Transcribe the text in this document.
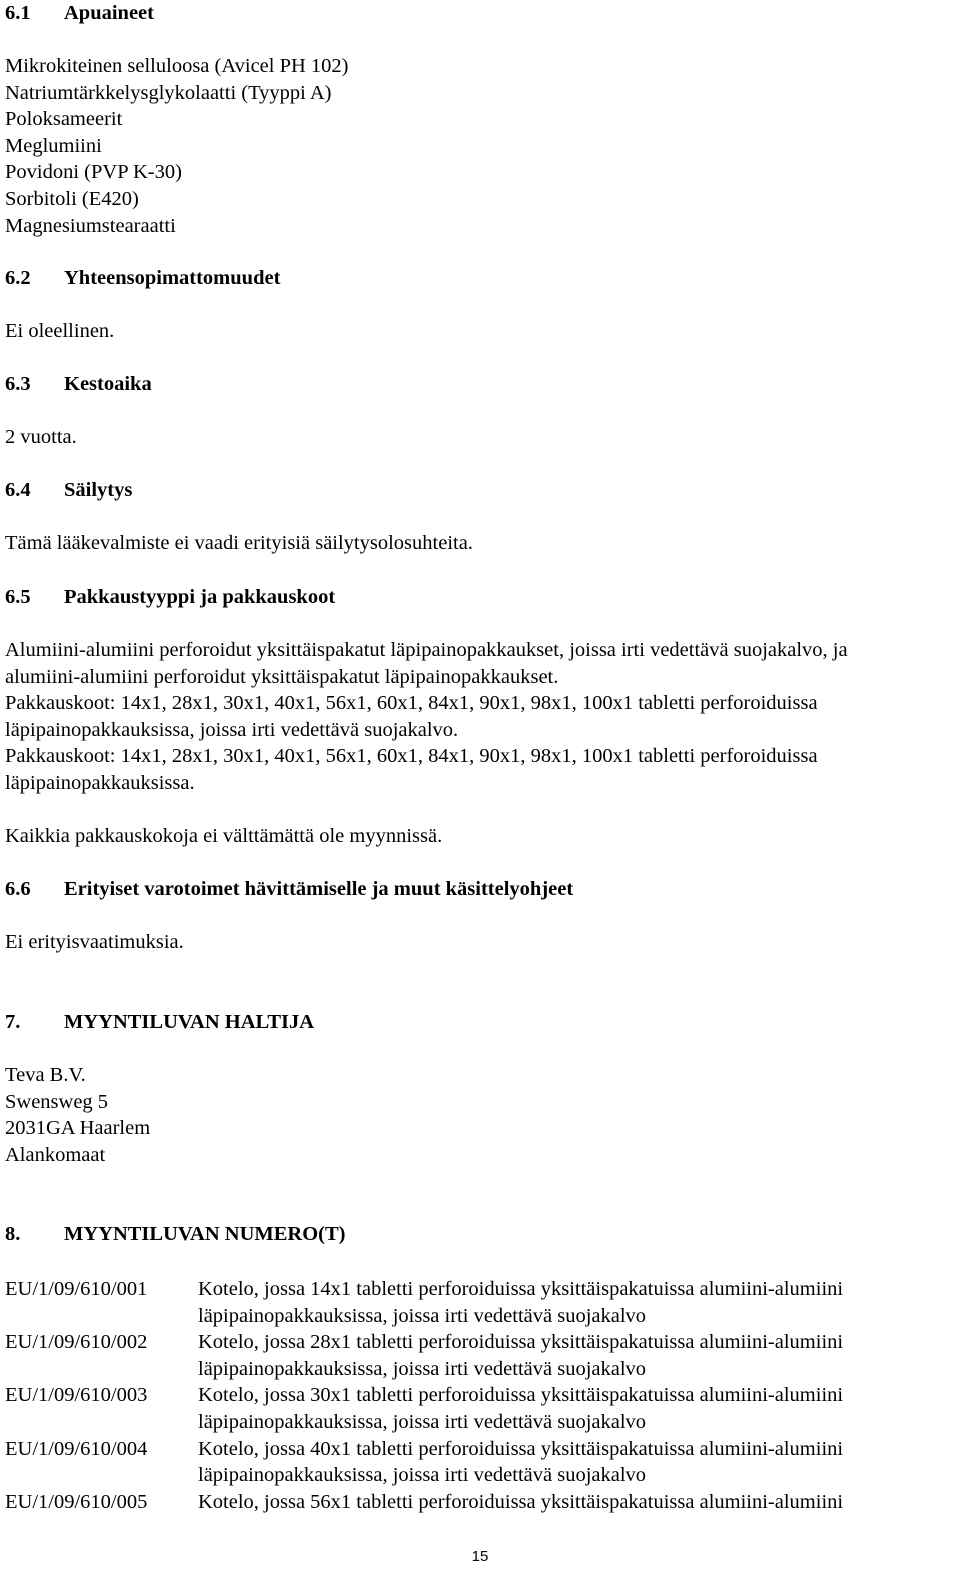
6.1 Apuaineet
Mikrokiteinen selluloosa (Avicel PH 102)
Natriumtärkkelysglykolaatti (Tyyppi A)
Poloksameerit
Meglumiini
Povidoni (PVP K-30)
Sorbitoli (E420)
Magnesiumstearaatti
6.2 Yhteensopimattomuudet
Ei oleellinen.
6.3 Kestoaika
2 vuotta.
6.4 Säilytys
Tämä lääkevalmiste ei vaadi erityisiä säilytysolosuhteita.
6.5 Pakkaustyyppi ja pakkauskoot
Alumiini-alumiini perforoidut yksittäispakatut läpipainopakkaukset, joissa irti vedettävä suojakalvo, ja
alumiini-alumiini perforoidut yksittäispakatut läpipainopakkaukset.
Pakkauskoot: 14x1, 28x1, 30x1, 40x1, 56x1, 60x1, 84x1, 90x1, 98x1, 100x1 tabletti perforoiduissa
läpipainopakkauksissa, joissa irti vedettävä suojakalvo.
Pakkauskoot: 14x1, 28x1, 30x1, 40x1, 56x1, 60x1, 84x1, 90x1, 98x1, 100x1 tabletti perforoiduissa
läpipainopakkauksissa.
Kaikkia pakkauskokoja ei välttämättä ole myynnissä.
6.6 Erityiset varotoimet hävittämiselle ja muut käsittelyohjeet
Ei erityisvaatimuksia.
7. MYYNTILUVAN HALTIJA
Teva B.V.
Swensweg 5
2031GA Haarlem
Alankomaat
8. MYYNTILUVAN NUMERO(T)
EU/1/09/610/001	Kotelo, jossa 14x1 tabletti perforoiduissa yksittäispakatuissa alumiini-alumiini
läpipainopakkauksissa, joissa irti vedettävä suojakalvo
EU/1/09/610/002	Kotelo, jossa 28x1 tabletti perforoiduissa yksittäispakatuissa alumiini-alumiini
läpipainopakkauksissa, joissa irti vedettävä suojakalvo
EU/1/09/610/003	Kotelo, jossa 30x1 tabletti perforoiduissa yksittäispakatuissa alumiini-alumiini
läpipainopakkauksissa, joissa irti vedettävä suojakalvo
EU/1/09/610/004	Kotelo, jossa 40x1 tabletti perforoiduissa yksittäispakatuissa alumiini-alumiini
läpipainopakkauksissa, joissa irti vedettävä suojakalvo
EU/1/09/610/005	Kotelo, jossa 56x1 tabletti perforoiduissa yksittäispakatuissa alumiini-alumiini
15
